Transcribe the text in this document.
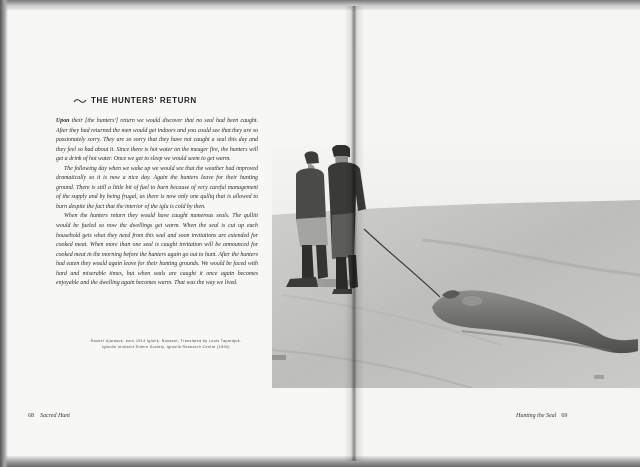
THE HUNTERS' RETURN

Upon their [the hunters'] return we would discover that no seal had been caught. After they had returned the men would get indoors and you could see that they are so passionately sorry. They are so sorry that they have not caught a seal this day and they feel so bad about it. Since there is hot water on the meager fire, the hunters will get a drink of hot water. Once we get to sleep we would seem to get warm.

The following day when we wake up we would see that the weather had improved dramatically so it is now a nice day. Again the hunters leave for their hunting ground. There is still a little bit of fuel to burn because of very careful management of the supply and by being frugal, as there is now only one qulliq that is allowed to burn despite the fact that the interior of the iglu is cold by then.

When the hunters return they would have caught numerous seals. The qulliit would be fueled so now the dwellings get warm. When the seal is cut up each household gets what they need from this seal and soon invitations are extended for cooked meat. When more than one seal is caught invitation will be announced for cooked meat in the morning before the hunters again go out to hunt. After the hunters had eaten they would again leave for their hunting grounds. We would be faced with hard and miserable times, but when seals are caught it once again becomes enjoyable and the dwelling again becomes warm. That was the way we lived.

Rachel Ujarasuk, born 1914 Iglulik, Nunavut. Translated by Louis Tapardjuk.
Igloolik Inullariit Elders Society, Igloolik Research Centre (1990)
68 Sacred Hunt	Hunting the Seal 69
